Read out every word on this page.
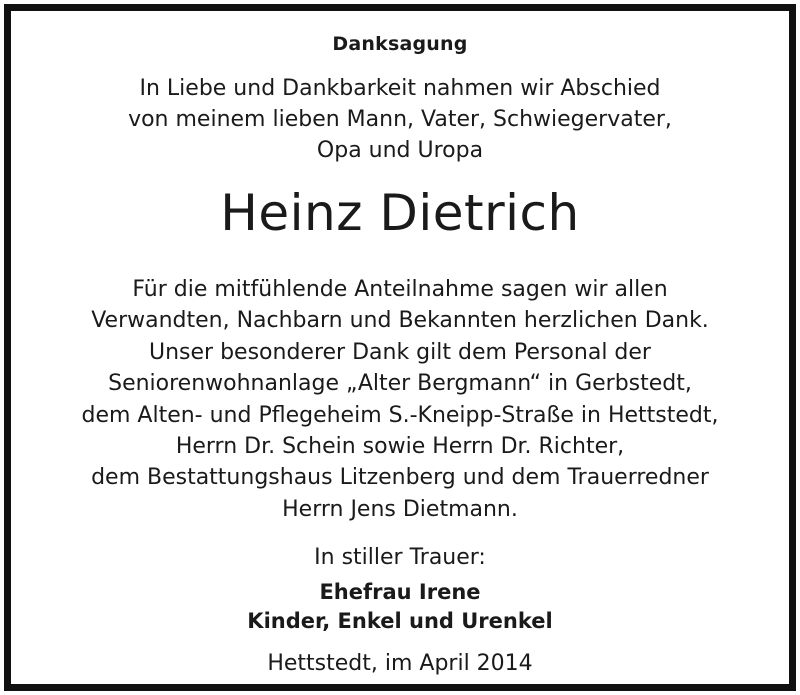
Danksagung
In Liebe und Dankbarkeit nahmen wir Abschied
von meinem lieben Mann, Vater, Schwiegervater,
Opa und Uropa
Heinz Dietrich
Für die mitfühlende Anteilnahme sagen wir allen
Verwandten, Nachbarn und Bekannten herzlichen Dank.
Unser besonderer Dank gilt dem Personal der
Seniorenwohnanlage „Alter Bergmann“ in Gerbstedt,
dem Alten- und Pflegeheim S.-Kneipp-Straße in Hettstedt,
Herrn Dr. Schein sowie Herrn Dr. Richter,
dem Bestattungshaus Litzenberg und dem Trauerredner
Herrn Jens Dietmann.
In stiller Trauer:
Ehefrau Irene
Kinder, Enkel und Urenkel
Hettstedt, im April 2014
